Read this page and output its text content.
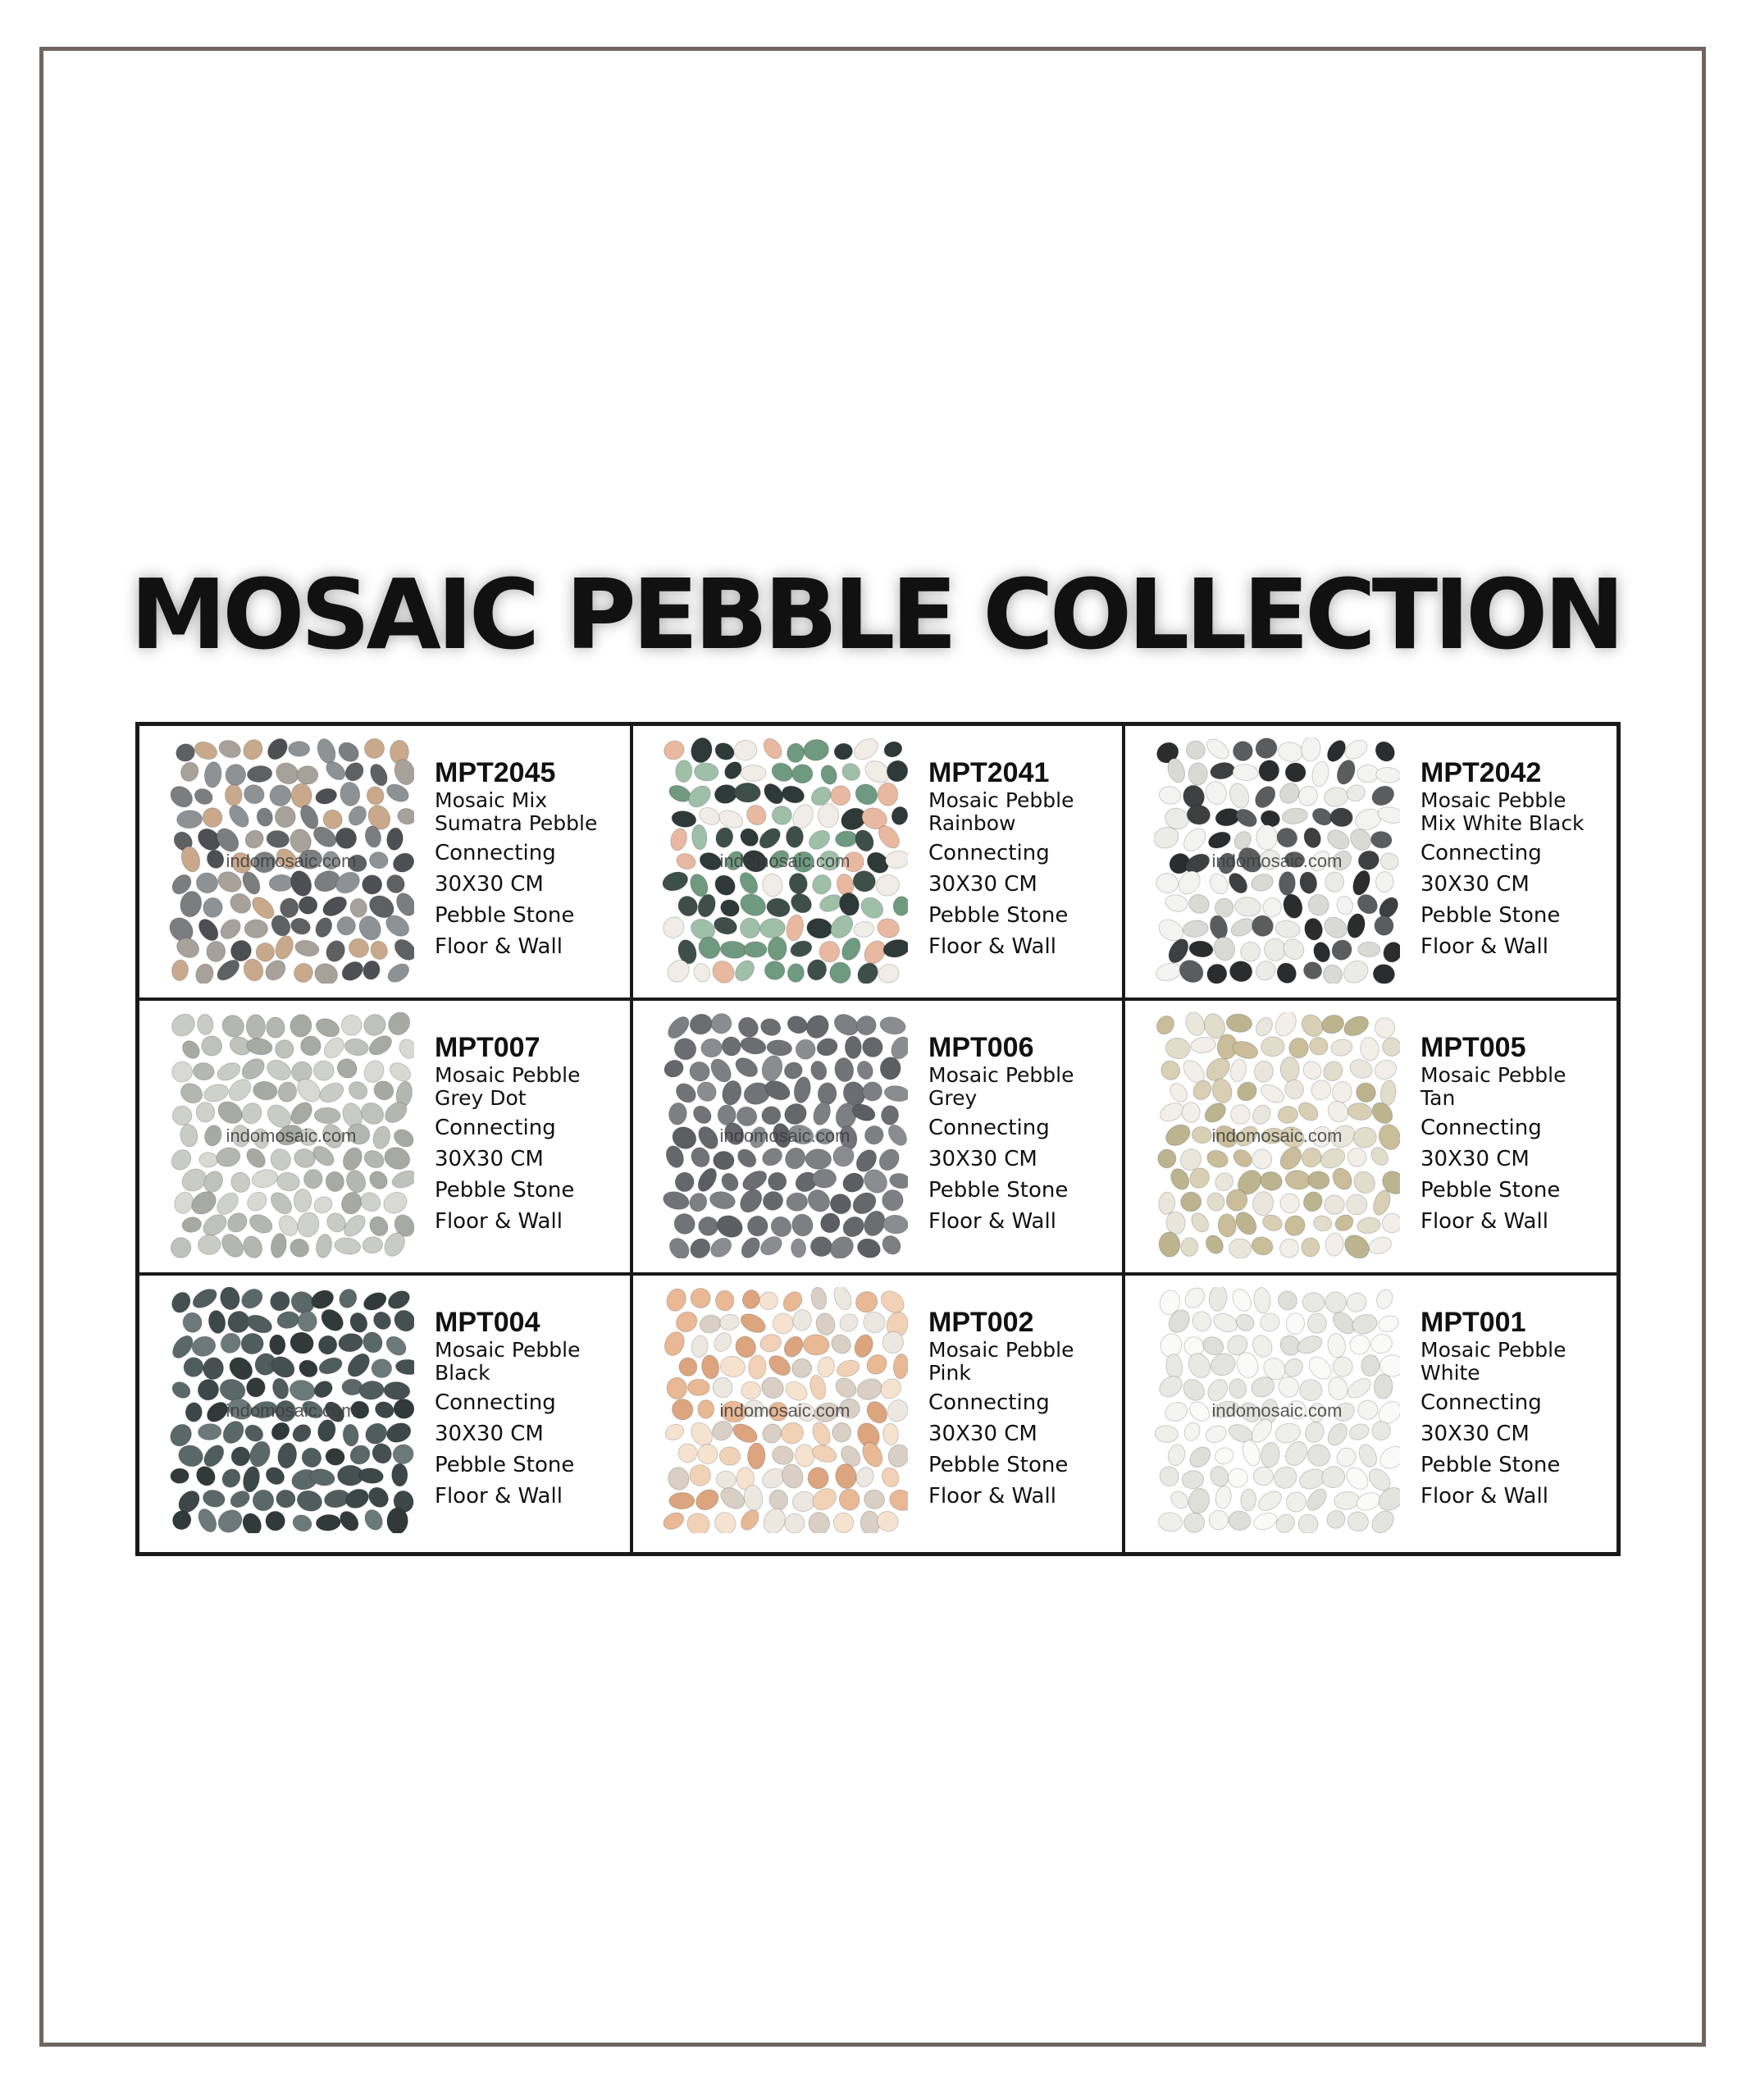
MOSAIC PEBBLE COLLECTION
indomosaic.com
MPT2045
Mosaic Mix
Sumatra Pebble
Connecting
30X30 CM
Pebble Stone
Floor & Wall
indomosaic.com
MPT2041
Mosaic Pebble
Rainbow
Connecting
30X30 CM
Pebble Stone
Floor & Wall
indomosaic.com
MPT2042
Mosaic Pebble
Mix White Black
Connecting
30X30 CM
Pebble Stone
Floor & Wall
indomosaic.com
MPT007
Mosaic Pebble
Grey Dot
Connecting
30X30 CM
Pebble Stone
Floor & Wall
indomosaic.com
MPT006
Mosaic Pebble
Grey
Connecting
30X30 CM
Pebble Stone
Floor & Wall
indomosaic.com
MPT005
Mosaic Pebble
Tan
Connecting
30X30 CM
Pebble Stone
Floor & Wall
indomosaic.com
MPT004
Mosaic Pebble
Black
Connecting
30X30 CM
Pebble Stone
Floor & Wall
indomosaic.com
MPT002
Mosaic Pebble
Pink
Connecting
30X30 CM
Pebble Stone
Floor & Wall
indomosaic.com
MPT001
Mosaic Pebble
White
Connecting
30X30 CM
Pebble Stone
Floor & Wall
